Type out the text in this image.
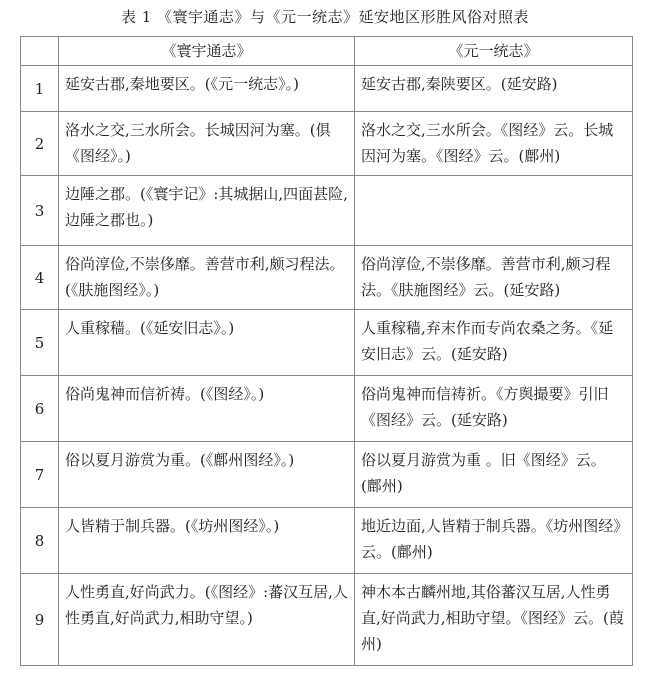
表 1 《寰宇通志》与《元一统志》延安地区形胜风俗对照表
	《寰宇通志》	《元一统志》
1	延安古郡,秦地要区。(《元一统志》。)	延安古郡,秦陕要区。(延安路)
2	洛水之交,三水所会。长城因河为塞。(俱《图经》。)	洛水之交,三水所会。《图经》云。长城因河为塞。《图经》云。(鄜州)
3	边陲之郡。(《寰宇记》:其城据山,四面甚险,边陲之郡也。)	
4	俗尚淳俭,不崇侈靡。善营市利,颇习程法。(《肤施图经》。)	俗尚淳俭,不崇侈靡。善营市利,颇习程法。《肤施图经》云。(延安路)
5	人重稼穑。(《延安旧志》。)	人重稼穑,弃末作而专尚农桑之务。《延安旧志》云。(延安路)
6	俗尚鬼神而信祈祷。(《图经》。)	俗尚鬼神而信祷祈。《方舆撮要》引旧《图经》云。(延安路)
7	俗以夏月游赏为重。(《鄜州图经》。)	俗以夏月游赏为重 。旧《图经》云。(鄜州)
8	人皆精于制兵器。(《坊州图经》。)	地近边面,人皆精于制兵器。《坊州图经》云。(鄜州)
9	人性勇直,好尚武力。(《图经》:蕃汉互居,人性勇直,好尚武力,相助守望。)	神木本古麟州地,其俗蕃汉互居,人性勇直,好尚武力,相助守望。《图经》云。(葭州)
